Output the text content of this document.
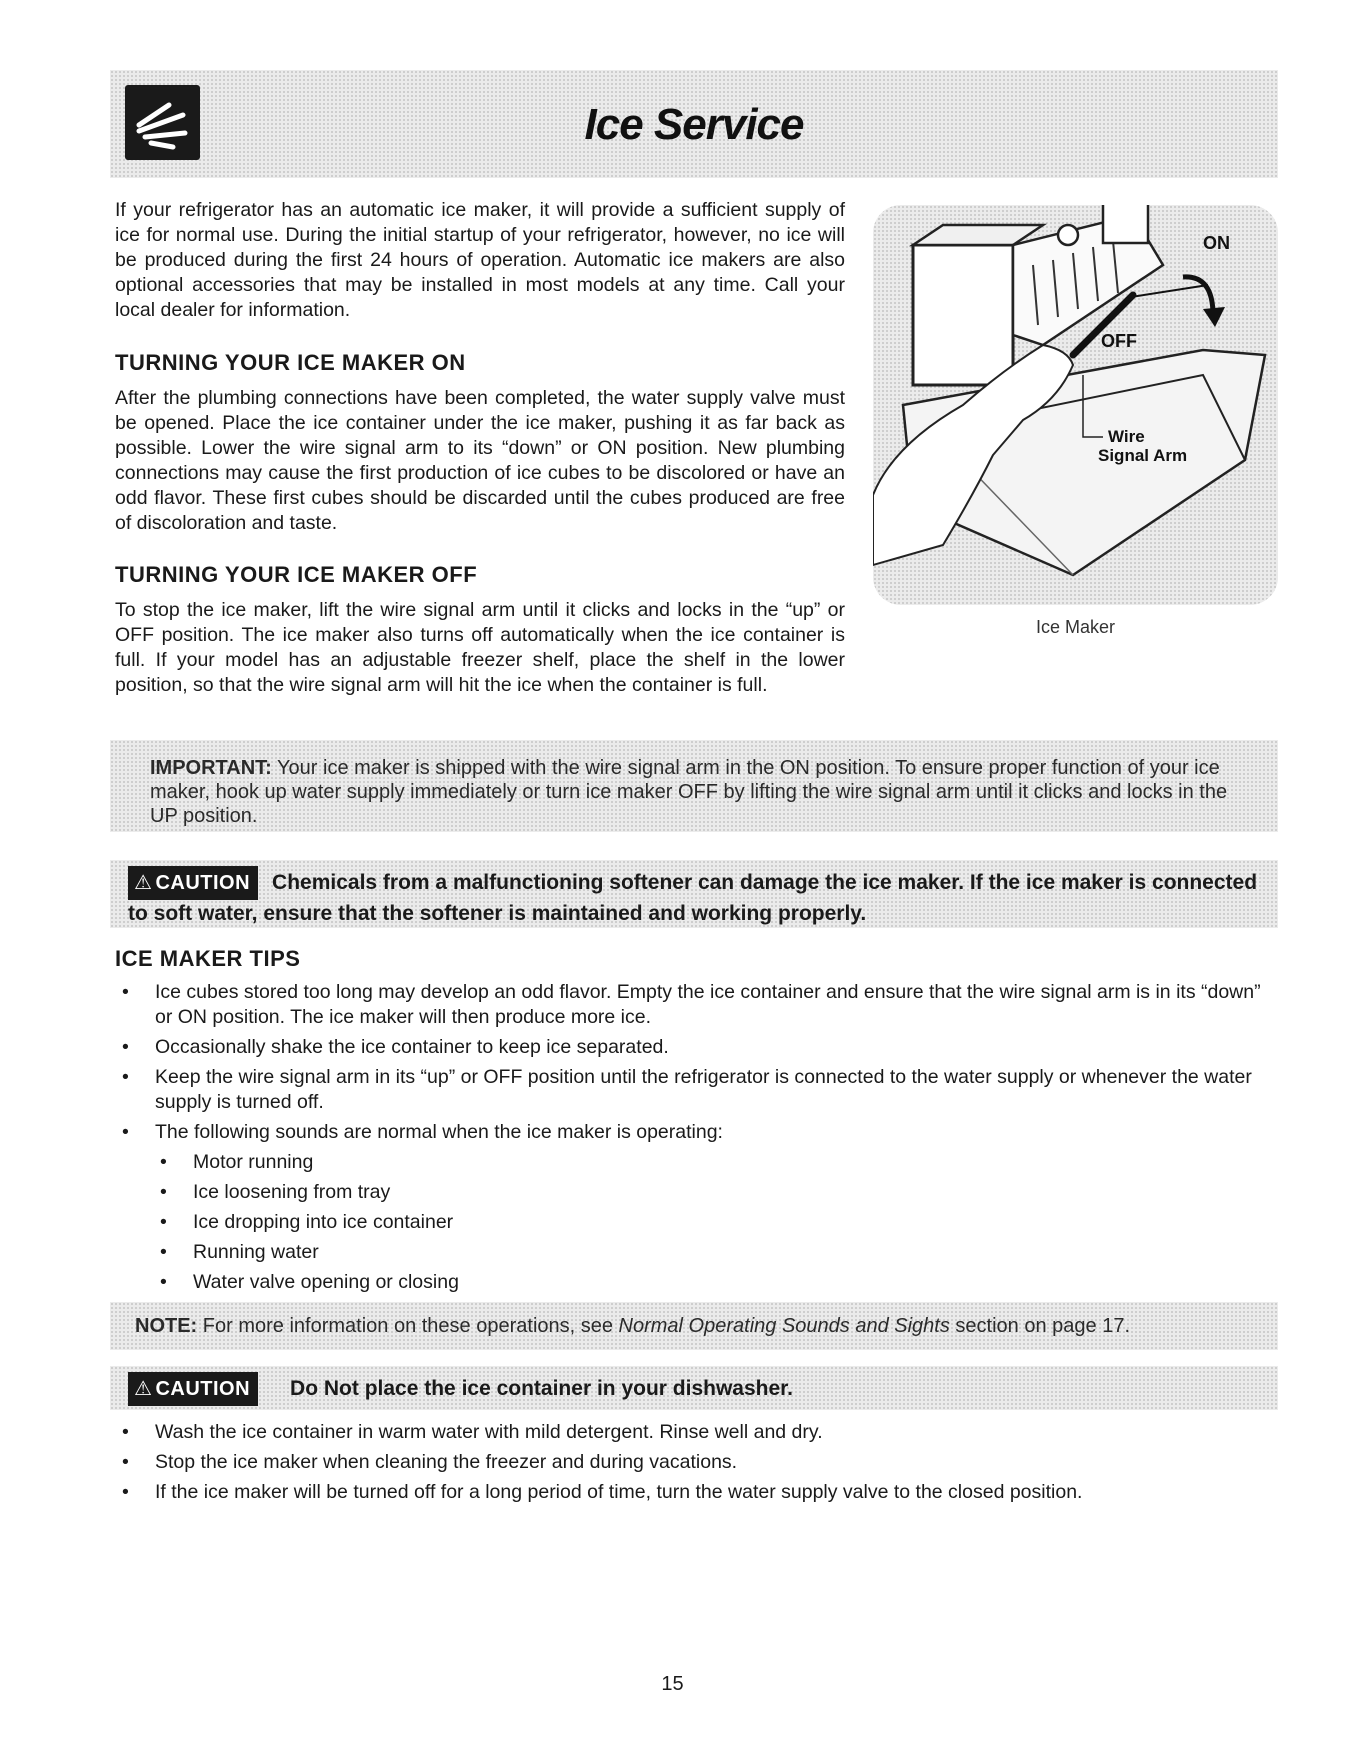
Ice Service

If your refrigerator has an automatic ice maker, it will provide a sufficient supply of ice for normal use. During the initial startup of your refrigerator, however, no ice will be produced during the first 24 hours of operation. Automatic ice makers are also optional accessories that may be installed in most models at any time. Call your local dealer for information.

TURNING YOUR ICE MAKER ON

After the plumbing connections have been completed, the water supply valve must be opened. Place the ice container under the ice maker, pushing it as far back as possible. Lower the wire signal arm to its “down” or ON position. New plumbing connections may cause the first production of ice cubes to be discolored or have an odd flavor. These first cubes should be discarded until the cubes produced are free of discoloration and taste.

TURNING YOUR ICE MAKER OFF

To stop the ice maker, lift the wire signal arm until it clicks and locks in the “up” or OFF position. The ice maker also turns off automatically when the ice container is full. If your model has an adjustable freezer shelf, place the shelf in the lower position, so that the wire signal arm will hit the ice when the container is full.

ON
OFF
Wire
Signal Arm
Ice Maker

IMPORTANT: Your ice maker is shipped with the wire signal arm in the ON position. To ensure proper function of your ice maker, hook up water supply immediately or turn ice maker OFF by lifting the wire signal arm until it clicks and locks in the UP position.

⚠ CAUTION Chemicals from a malfunctioning softener can damage the ice maker. If the ice maker is connected to soft water, ensure that the softener is maintained and working properly.
ICE MAKER TIPS
• Ice cubes stored too long may develop an odd flavor. Empty the ice container and ensure that the wire signal arm is in its “down” or ON position. The ice maker will then produce more ice.
• Occasionally shake the ice container to keep ice separated.
• Keep the wire signal arm in its “up” or OFF position until the refrigerator is connected to the water supply or whenever the water supply is turned off.
• The following sounds are normal when the ice maker is operating:
• Motor running
• Ice loosening from tray
• Ice dropping into ice container
• Running water
• Water valve opening or closing

NOTE: For more information on these operations, see Normal Operating Sounds and Sights section on page 17.

⚠ CAUTION Do Not place the ice container in your dishwasher.
• Wash the ice container in warm water with mild detergent. Rinse well and dry.
• Stop the ice maker when cleaning the freezer and during vacations.
• If the ice maker will be turned off for a long period of time, turn the water supply valve to the closed position.
15
